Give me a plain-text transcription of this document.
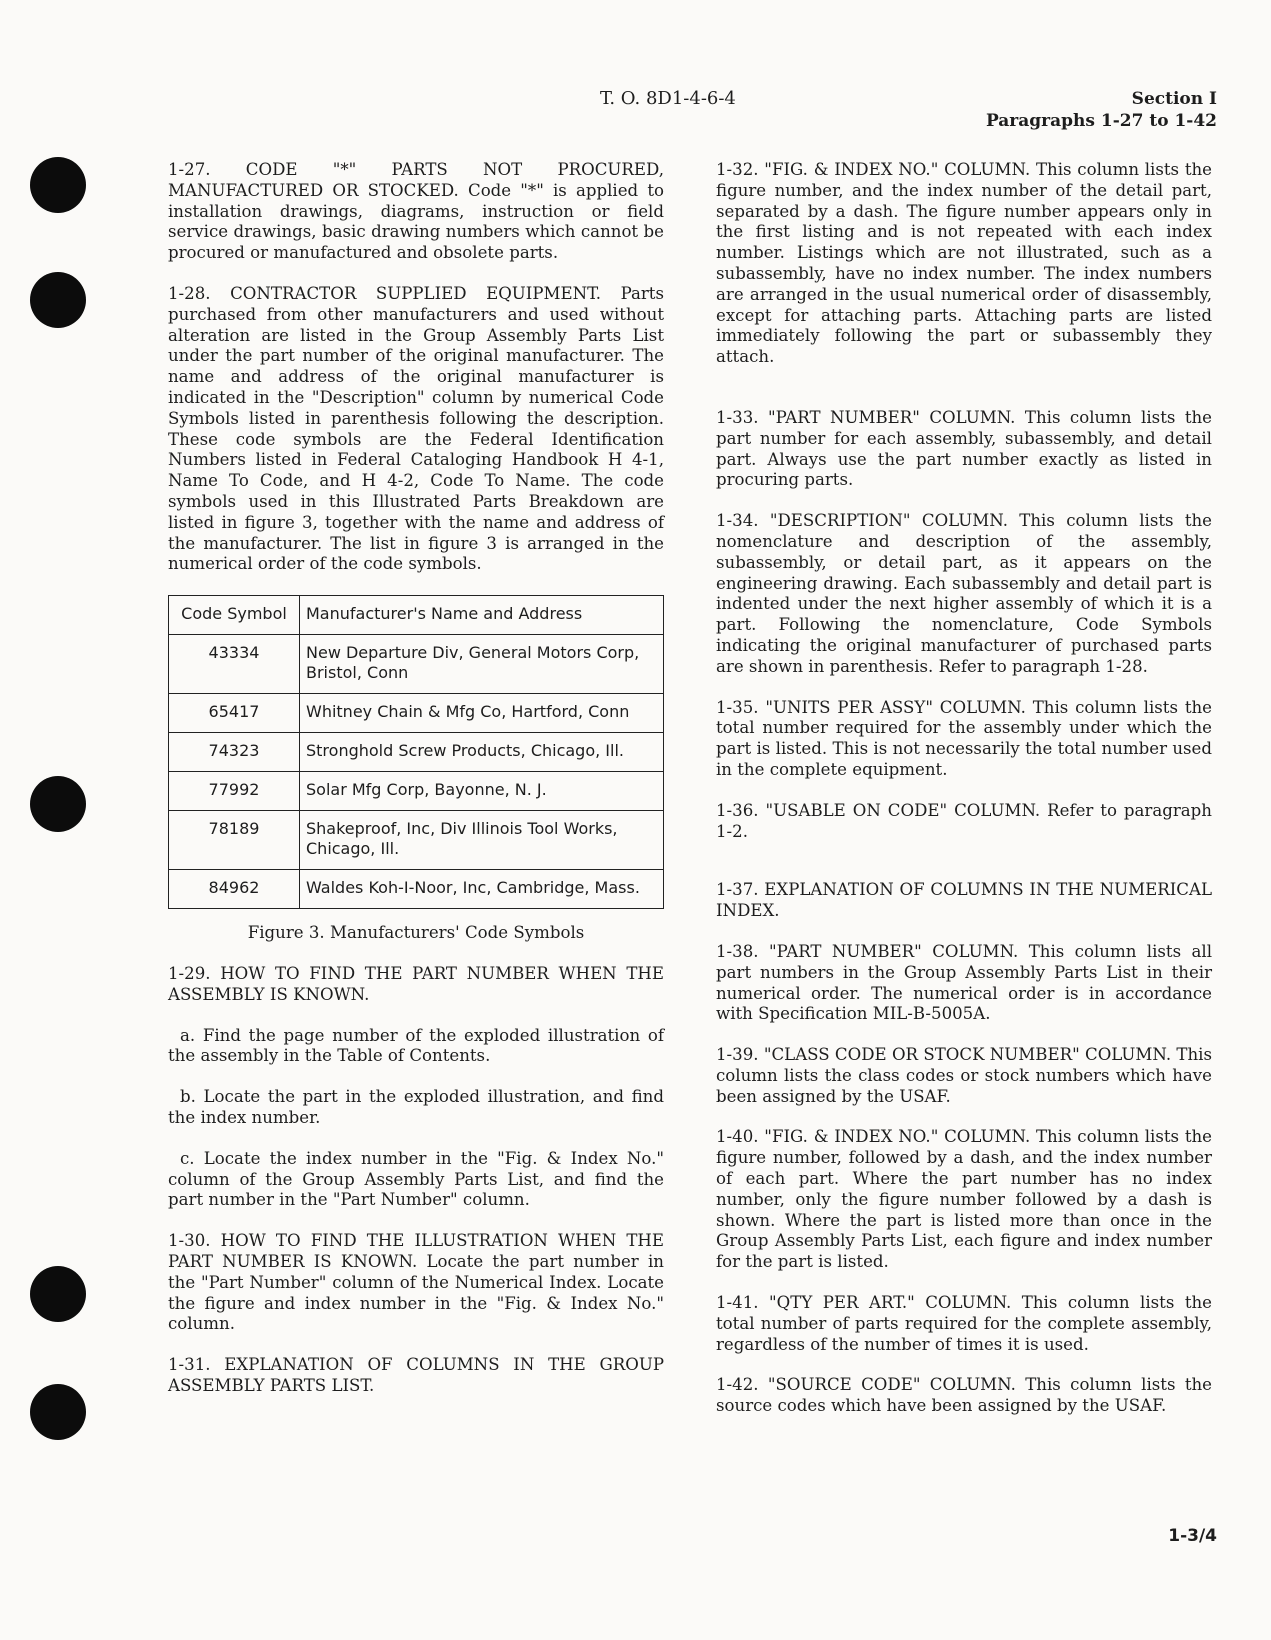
T. O. 8D1-4-6-4	Section I
Paragraphs 1-27 to 1-42

1-27. CODE "*" PARTS NOT PROCURED, MANUFACTURED OR STOCKED. Code "*" is applied to installation drawings, diagrams, instruction or field service drawings, basic drawing numbers which cannot be procured or manufactured and obsolete parts.

1-28. CONTRACTOR SUPPLIED EQUIPMENT. Parts purchased from other manufacturers and used without alteration are listed in the Group Assembly Parts List under the part number of the original manufacturer. The name and address of the original manufacturer is indicated in the "Description" column by numerical Code Symbols listed in parenthesis following the description. These code symbols are the Federal Identification Numbers listed in Federal Cataloging Handbook H 4-1, Name To Code, and H 4-2, Code To Name. The code symbols used in this Illustrated Parts Breakdown are listed in figure 3, together with the name and address of the manufacturer. The list in figure 3 is arranged in the numerical order of the code symbols.

Code Symbol	Manufacturer's Name and Address
43334	New Departure Div, General Motors Corp, Bristol, Conn
65417	Whitney Chain & Mfg Co, Hartford, Conn
74323	Stronghold Screw Products, Chicago, Ill.
77992	Solar Mfg Corp, Bayonne, N. J.
78189	Shakeproof, Inc, Div Illinois Tool Works, Chicago, Ill.
84962	Waldes Koh-I-Noor, Inc, Cambridge, Mass.
Figure 3. Manufacturers' Code Symbols

1-29. HOW TO FIND THE PART NUMBER WHEN THE ASSEMBLY IS KNOWN.

a. Find the page number of the exploded illustration of the assembly in the Table of Contents.

b. Locate the part in the exploded illustration, and find the index number.

c. Locate the index number in the "Fig. & Index No." column of the Group Assembly Parts List, and find the part number in the "Part Number" column.

1-30. HOW TO FIND THE ILLUSTRATION WHEN THE PART NUMBER IS KNOWN. Locate the part number in the "Part Number" column of the Numerical Index. Locate the figure and index number in the "Fig. & Index No." column.

1-31. EXPLANATION OF COLUMNS IN THE GROUP ASSEMBLY PARTS LIST.

1-32. "FIG. & INDEX NO." COLUMN. This column lists the figure number, and the index number of the detail part, separated by a dash. The figure number appears only in the first listing and is not repeated with each index number. Listings which are not illustrated, such as a subassembly, have no index number. The index numbers are arranged in the usual numerical order of disassembly, except for attaching parts. Attaching parts are listed immediately following the part or subassembly they attach.

1-33. "PART NUMBER" COLUMN. This column lists the part number for each assembly, subassembly, and detail part. Always use the part number exactly as listed in procuring parts.

1-34. "DESCRIPTION" COLUMN. This column lists the nomenclature and description of the assembly, subassembly, or detail part, as it appears on the engineering drawing. Each subassembly and detail part is indented under the next higher assembly of which it is a part. Following the nomenclature, Code Symbols indicating the original manufacturer of purchased parts are shown in parenthesis. Refer to paragraph 1-28.

1-35. "UNITS PER ASSY" COLUMN. This column lists the total number required for the assembly under which the part is listed. This is not necessarily the total number used in the complete equipment.

1-36. "USABLE ON CODE" COLUMN. Refer to paragraph 1-2.

1-37. EXPLANATION OF COLUMNS IN THE NUMERICAL INDEX.

1-38. "PART NUMBER" COLUMN. This column lists all part numbers in the Group Assembly Parts List in their numerical order. The numerical order is in accordance with Specification MIL-B-5005A.

1-39. "CLASS CODE OR STOCK NUMBER" COLUMN. This column lists the class codes or stock numbers which have been assigned by the USAF.

1-40. "FIG. & INDEX NO." COLUMN. This column lists the figure number, followed by a dash, and the index number of each part. Where the part number has no index number, only the figure number followed by a dash is shown. Where the part is listed more than once in the Group Assembly Parts List, each figure and index number for the part is listed.

1-41. "QTY PER ART." COLUMN. This column lists the total number of parts required for the complete assembly, regardless of the number of times it is used.

1-42. "SOURCE CODE" COLUMN. This column lists the source codes which have been assigned by the USAF.

1-3/4
